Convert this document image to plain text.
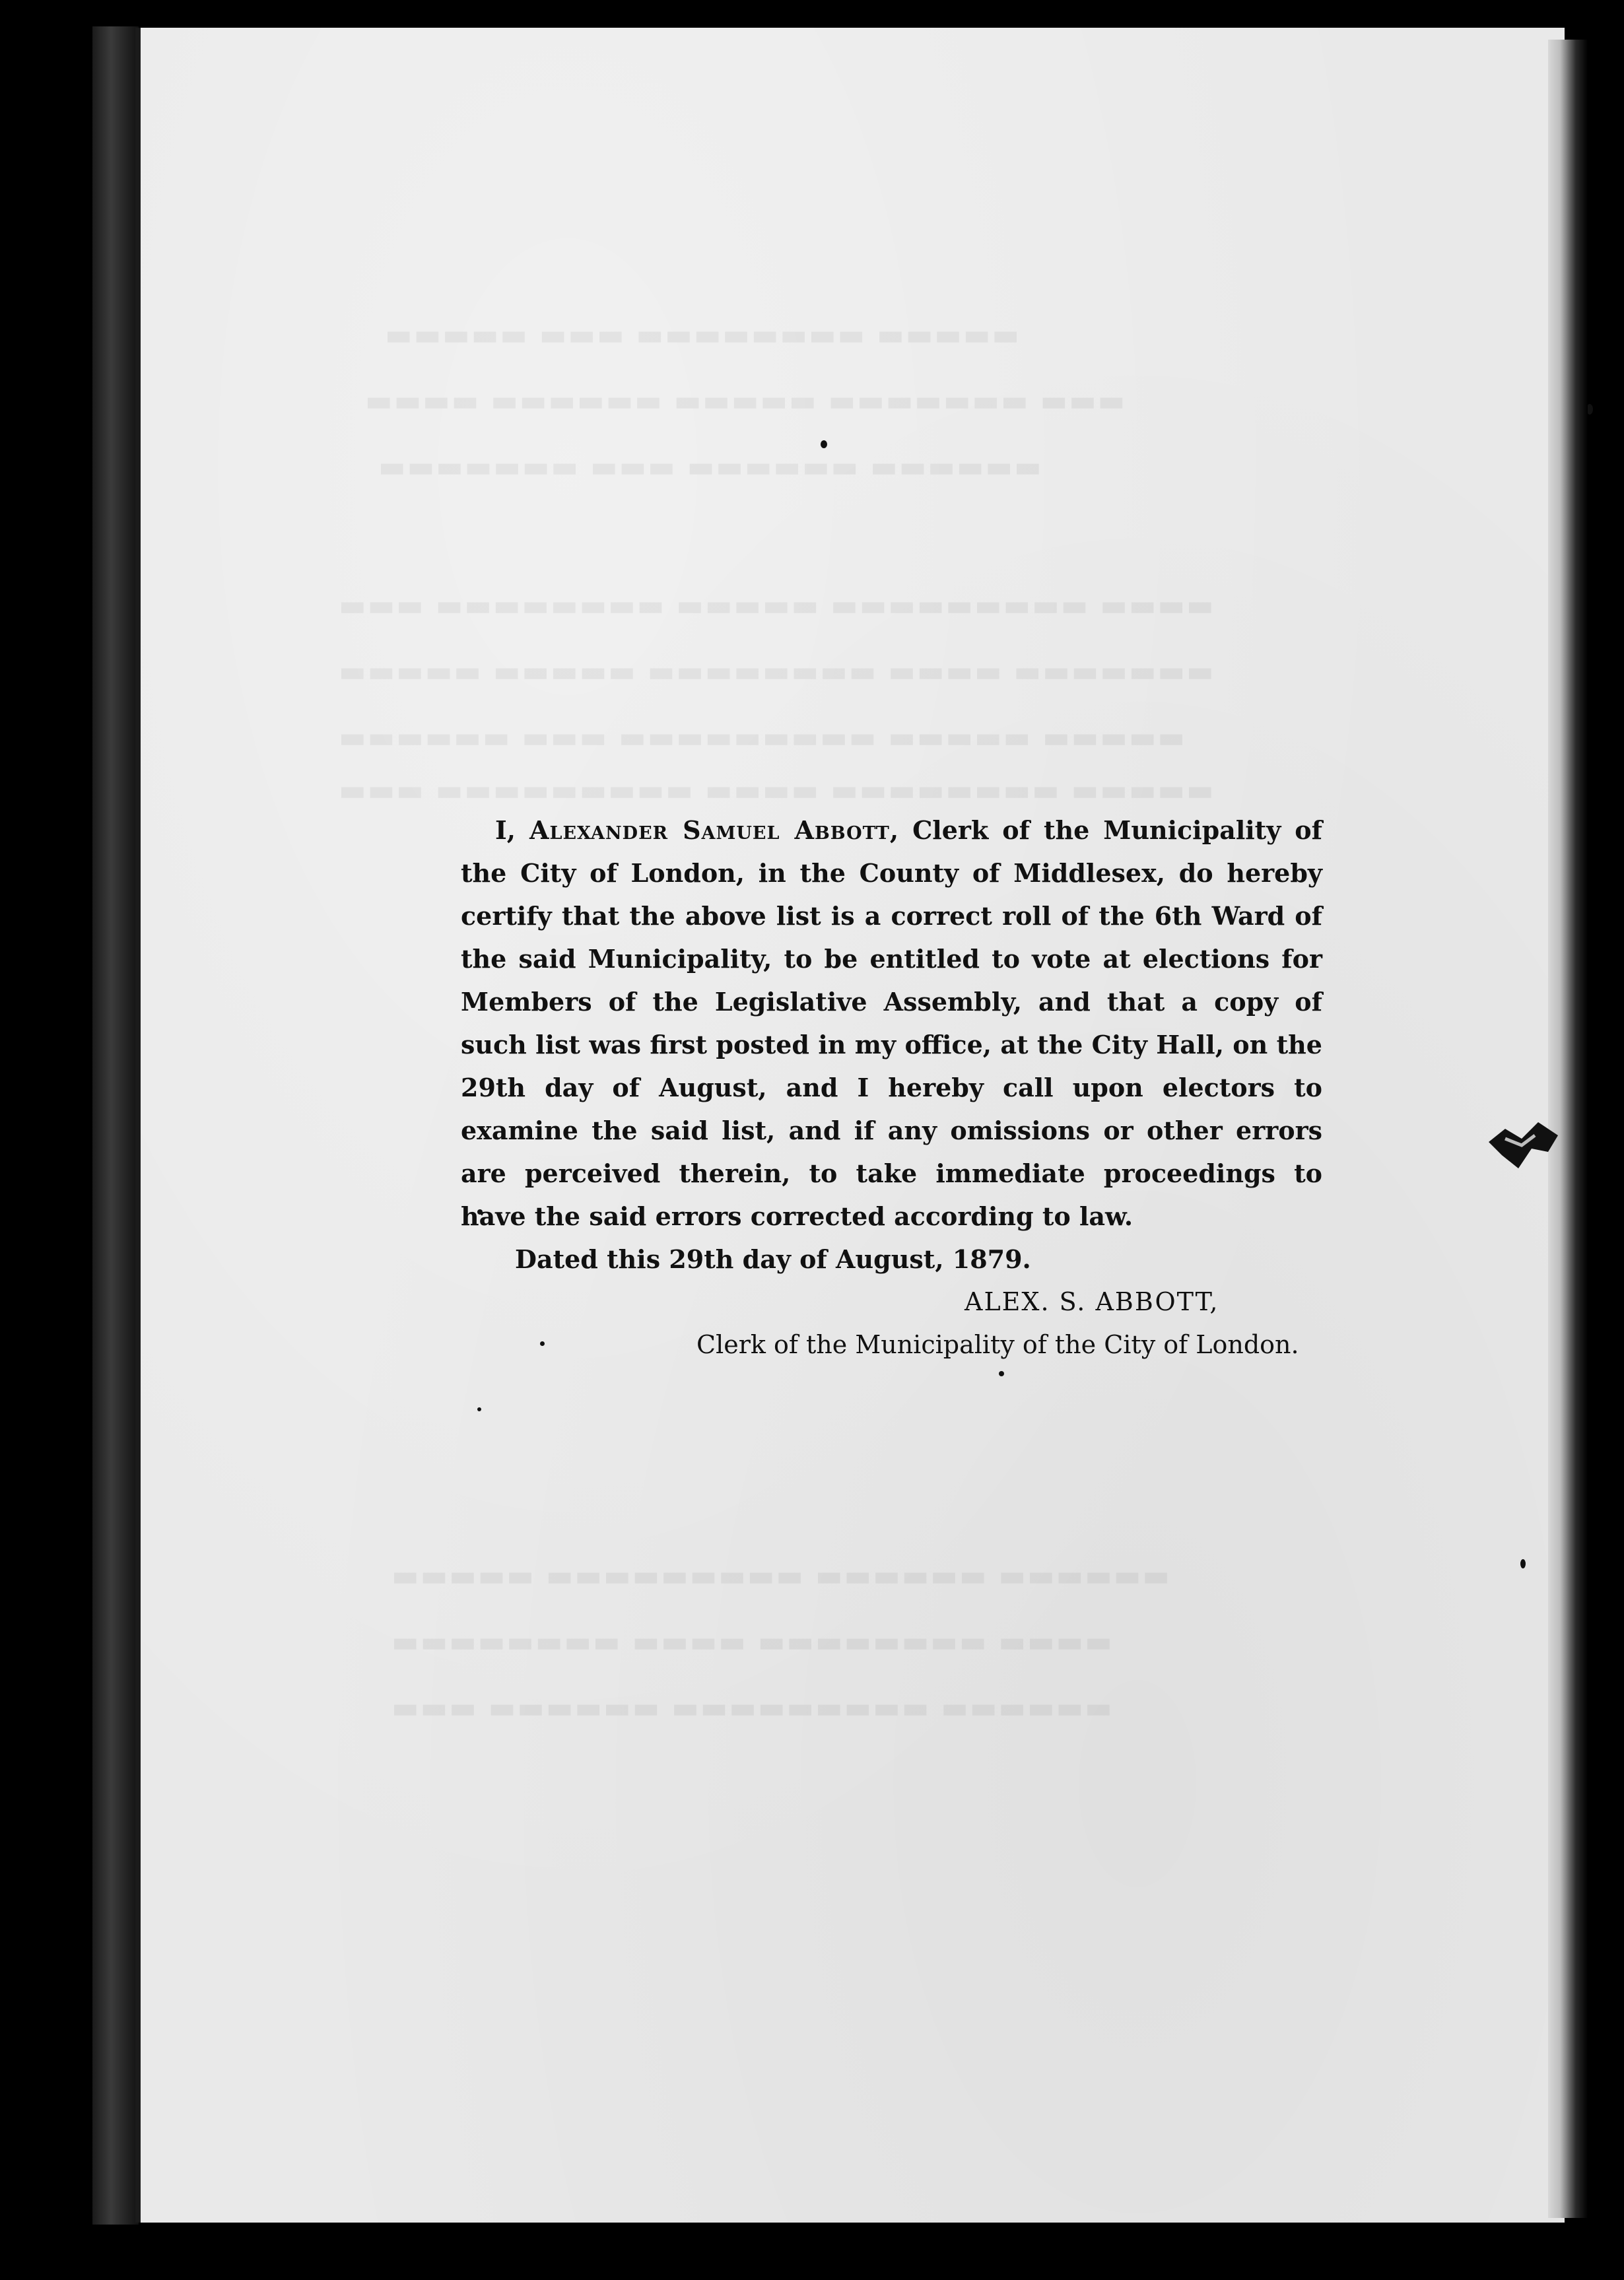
▬▬▬▬▬ ▬▬▬ ▬▬▬▬▬▬▬▬ ▬▬▬▬▬
▬▬▬▬ ▬▬▬▬▬▬ ▬▬▬▬▬ ▬▬▬▬▬▬▬ ▬▬▬
▬▬▬▬▬▬▬ ▬▬▬ ▬▬▬▬▬▬ ▬▬▬▬▬▬
▬▬▬ ▬▬▬▬▬▬▬▬ ▬▬▬▬▬ ▬▬▬▬▬▬▬▬▬ ▬▬▬▬
▬▬▬▬▬ ▬▬▬▬▬ ▬▬▬▬▬▬▬▬ ▬▬▬▬ ▬▬▬▬▬▬▬
▬▬▬▬▬▬ ▬▬▬ ▬▬▬▬▬▬▬▬▬ ▬▬▬▬▬ ▬▬▬▬▬
▬▬▬ ▬▬▬▬▬▬▬▬▬ ▬▬▬▬ ▬▬▬▬▬▬▬▬ ▬▬▬▬▬
▬▬▬▬▬ ▬▬▬▬▬▬▬▬▬ ▬▬▬▬▬▬ ▬▬▬▬▬▬
▬▬▬▬▬▬▬▬ ▬▬▬▬ ▬▬▬▬▬▬▬▬ ▬▬▬▬
▬▬▬ ▬▬▬▬▬▬ ▬▬▬▬▬▬▬▬▬ ▬▬▬▬▬▬

I, Alexander Samuel Abbott, Clerk of the Municipality of the City of London, in the County of Middlesex, do hereby certify that the above list is a correct roll of the 6th Ward of the said Municipality, to be entitled to vote at elections for Members of the Legislative Assembly, and that a copy of such list was first posted in my office, at the City Hall, on the 29th day of August, and I hereby call upon electors to examine the said list, and if any omissions or other errors are perceived therein, to take immediate proceedings to have the said errors corrected according to law.

Dated this 29th day of August, 1879.

ALEX. S. ABBOTT,

Clerk of the Municipality of the City of London.
